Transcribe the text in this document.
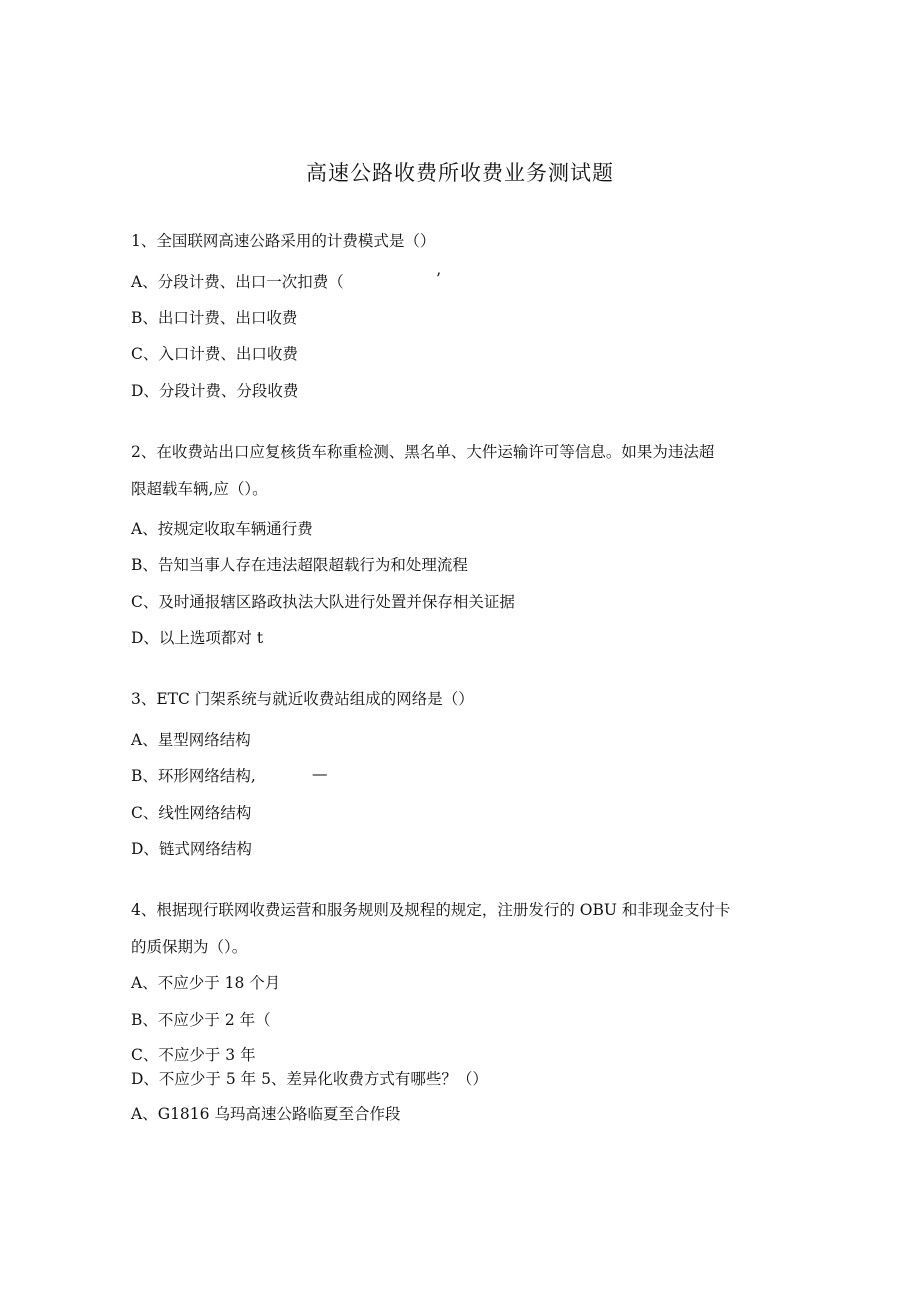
高速公路收费所收费业务测试题
1、全国联网高速公路采用的计费模式是（）
A、分段计费、出口一次扣费（	’
B、出口计费、出口收费
C、入口计费、出口收费
D、分段计费、分段收费
2、在收费站出口应复核货车称重检测、黑名单、大件运输许可等信息。如果为违法超
限超载车辆,应（）。
A、按规定收取车辆通行费
B、告知当事人存在违法超限超载行为和处理流程
C、及时通报辖区路政执法大队进行处置并保存相关证据
D、以上选项都对 t
3、ETC 门架系统与就近收费站组成的网络是（）
A、星型网络结构
B、环形网络结构,	—
C、线性网络结构
D、链式网络结构
4、根据现行联网收费运营和服务规则及规程的规定，注册发行的 OBU 和非现金支付卡
的质保期为（）。
A、不应少于 18 个月
B、不应少于 2 年（
C、不应少于 3 年
D、不应少于 5 年 5、差异化收费方式有哪些？（）
A、G1816 乌玛高速公路临夏至合作段
